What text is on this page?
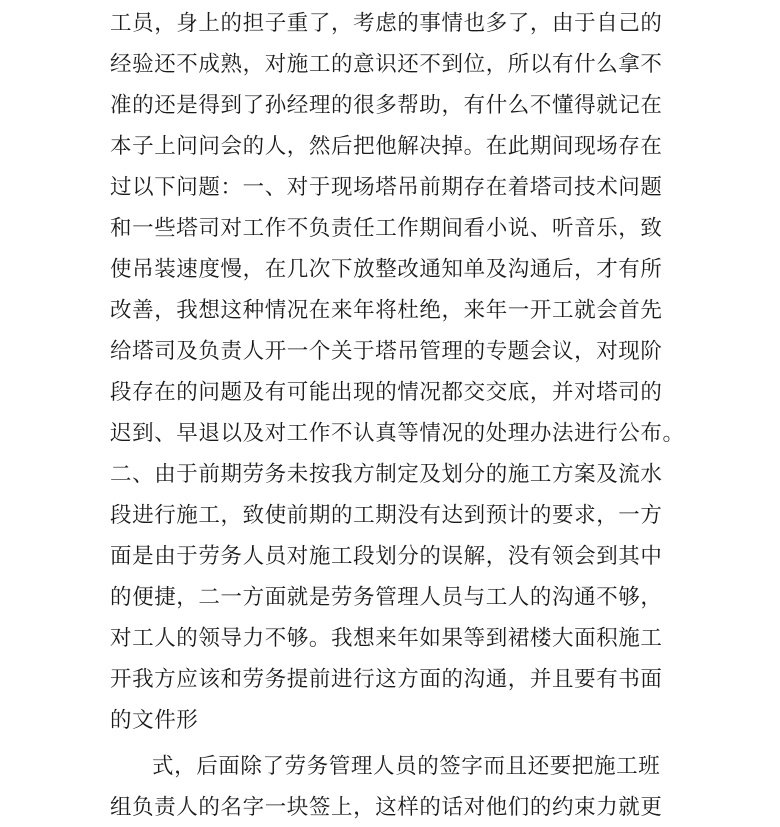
工员，身上的担子重了，考虑的事情也多了，由于自己的
经验还不成熟，对施工的意识还不到位，所以有什么拿不
准的还是得到了孙经理的很多帮助，有什么不懂得就记在
本子上问问会的人，然后把他解决掉。在此期间现场存在
过以下问题：一、对于现场塔吊前期存在着塔司技术问题
和一些塔司对工作不负责任工作期间看小说、听音乐，致
使吊装速度慢，在几次下放整改通知单及沟通后，才有所
改善，我想这种情况在来年将杜绝，来年一开工就会首先
给塔司及负责人开一个关于塔吊管理的专题会议，对现阶
段存在的问题及有可能出现的情况都交交底，并对塔司的
迟到、早退以及对工作不认真等情况的处理办法进行公布。
二、由于前期劳务未按我方制定及划分的施工方案及流水
段进行施工，致使前期的工期没有达到预计的要求，一方
面是由于劳务人员对施工段划分的误解，没有领会到其中
的便捷，二一方面就是劳务管理人员与工人的沟通不够，
对工人的领导力不够。我想来年如果等到裙楼大面积施工
开我方应该和劳务提前进行这方面的沟通，并且要有书面
的文件形
式，后面除了劳务管理人员的签字而且还要把施工班
组负责人的名字一块签上，这样的话对他们的约束力就更
